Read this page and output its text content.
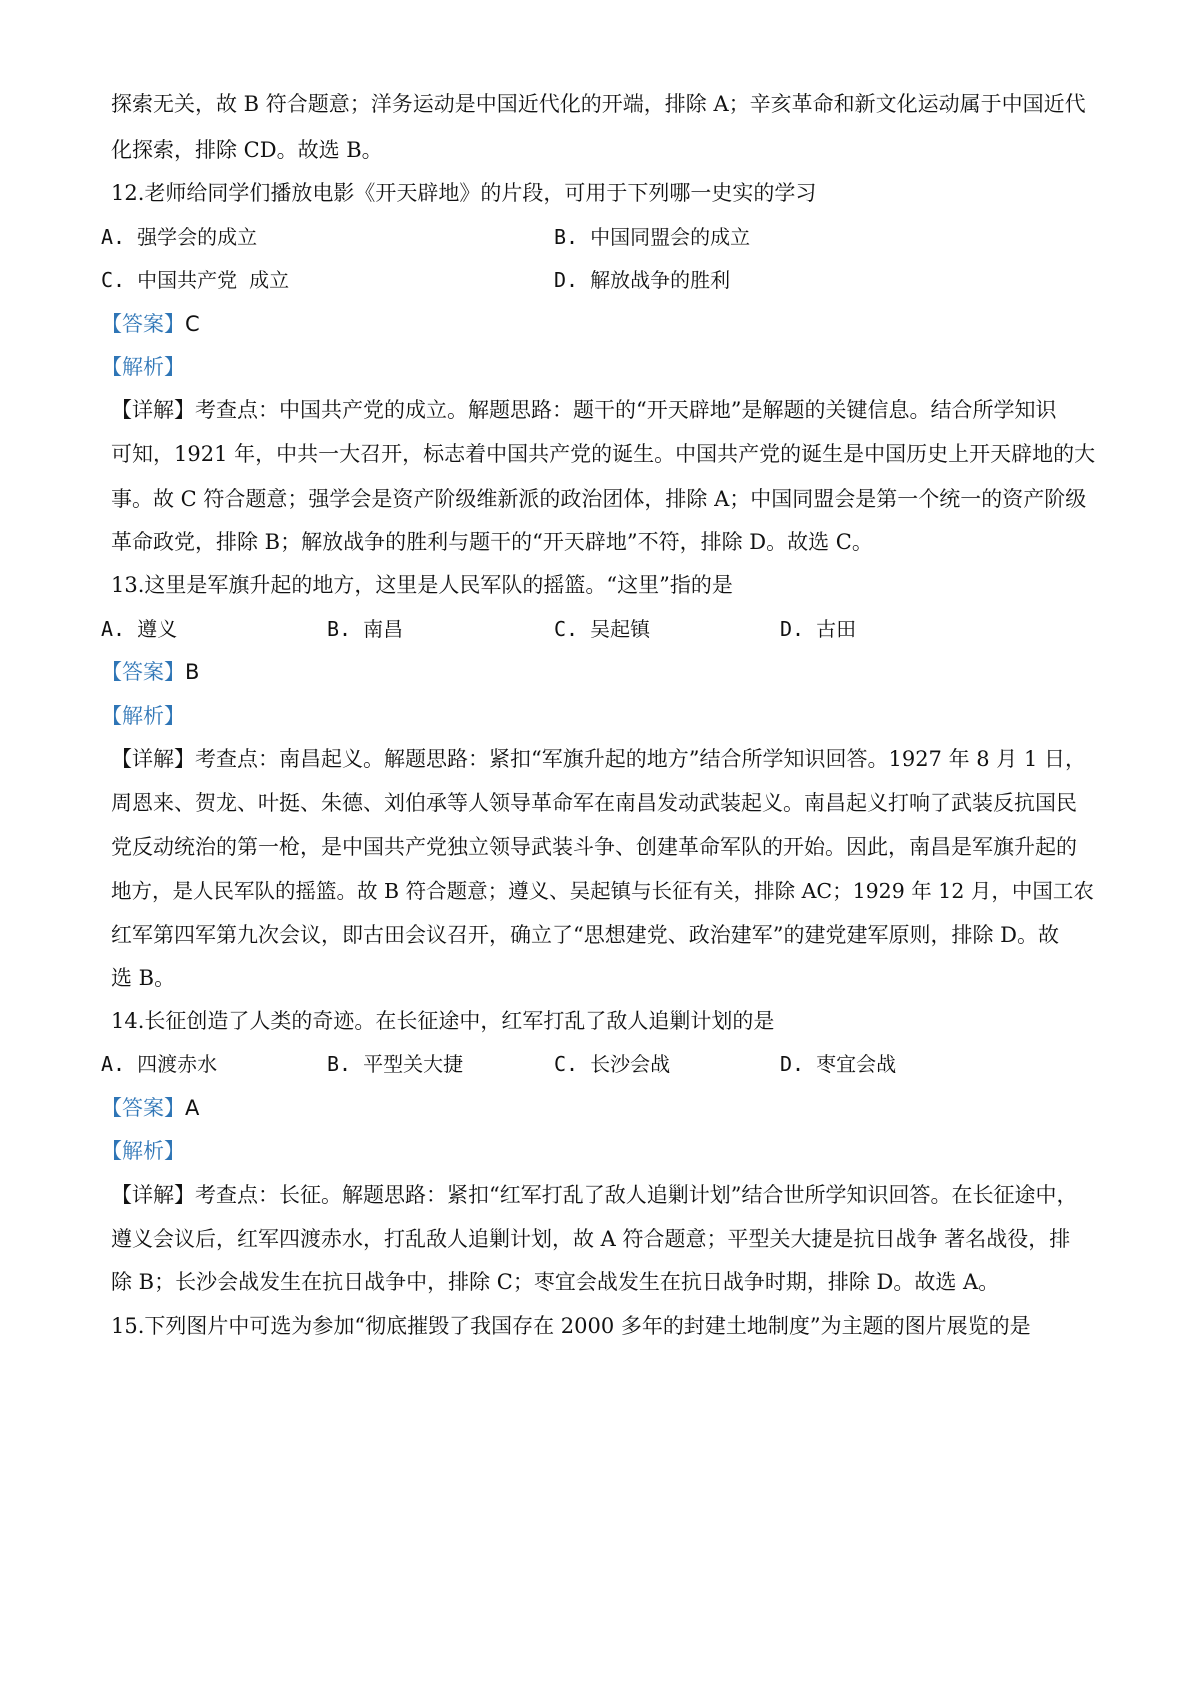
探索无关，故 B 符合题意；洋务运动是中国近代化的开端，排除 A；辛亥革命和新文化运动属于中国近代
化探索，排除 CD。故选 B。
12.老师给同学们播放电影《开天辟地》的片段，可用于下列哪一史实的学习
A. 强学会的成立	B. 中国同盟会的成立
C. 中国共产党 成立	D. 解放战争的胜利
【答案】C
【解析】
【详解】考查点：中国共产党的成立。解题思路：题干的“开天辟地”是解题的关键信息。结合所学知识
可知，1921 年，中共一大召开，标志着中国共产党的诞生。中国共产党的诞生是中国历史上开天辟地的大
事。故 C 符合题意；强学会是资产阶级维新派的政治团体，排除 A；中国同盟会是第一个统一的资产阶级
革命政党，排除 B；解放战争的胜利与题干的“开天辟地”不符，排除 D。故选 C。
13.这里是军旗升起的地方，这里是人民军队的摇篮。“这里”指的是
A. 遵义	B. 南昌	C. 吴起镇	D. 古田
【答案】B
【解析】
【详解】考查点：南昌起义。解题思路：紧扣“军旗升起的地方”结合所学知识回答。1927 年 8 月 1 日，
周恩来、贺龙、叶挺、朱德、刘伯承等人领导革命军在南昌发动武装起义。南昌起义打响了武装反抗国民
党反动统治的第一枪，是中国共产党独立领导武装斗争、创建革命军队的开始。因此，南昌是军旗升起的
地方，是人民军队的摇篮。故 B 符合题意；遵义、吴起镇与长征有关，排除 AC；1929 年 12 月，中国工农
红军第四军第九次会议，即古田会议召开，确立了“思想建党、政治建军”的建党建军原则，排除 D。故
选 B。
14.长征创造了人类的奇迹。在长征途中，红军打乱了敌人追剿计划的是
A. 四渡赤水	B. 平型关大捷	C. 长沙会战	D. 枣宜会战
【答案】A
【解析】
【详解】考查点：长征。解题思路：紧扣“红军打乱了敌人追剿计划”结合世所学知识回答。在长征途中，
遵义会议后，红军四渡赤水，打乱敌人追剿计划，故 A 符合题意；平型关大捷是抗日战争 著名战役，排
除 B；长沙会战发生在抗日战争中，排除 C；枣宜会战发生在抗日战争时期，排除 D。故选 A。
15.下列图片中可选为参加“彻底摧毁了我国存在 2000 多年的封建土地制度”为主题的图片展览的是
